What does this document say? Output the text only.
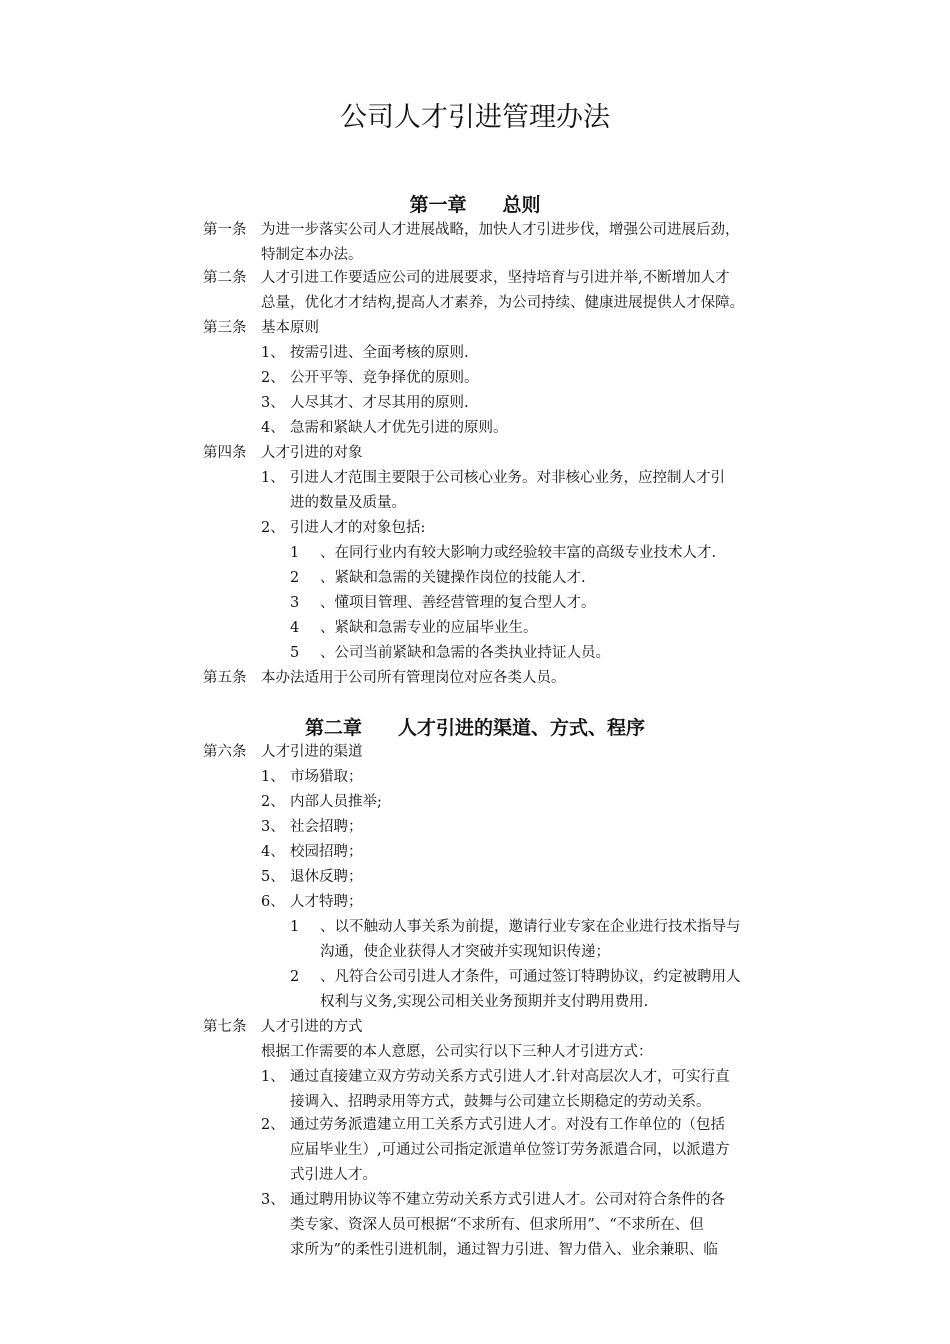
公司人才引进管理办法
第一章 总则
第一条 为进一步落实公司人才进展战略，加快人才引进步伐，增强公司进展后劲，
特制定本办法。
第二条 人才引进工作要适应公司的进展要求，坚持培育与引进并举,不断增加人才
总量，优化才才结构,提高人才素养，为公司持续、健康进展提供人才保障。
第三条 基本原则
1、 按需引进、全面考核的原则.
2、 公开平等、竞争择优的原则。
3、 人尽其才、才尽其用的原则.
4、 急需和紧缺人才优先引进的原则。
第四条 人才引进的对象
1、 引进人才范围主要限于公司核心业务。对非核心业务，应控制人才引
进的数量及质量。
2、 引进人才的对象包括:
1 、在同行业内有较大影响力或经验较丰富的高级专业技术人才.
2 、紧缺和急需的关键操作岗位的技能人才.
3 、懂项目管理、善经营管理的复合型人才。
4 、紧缺和急需专业的应届毕业生。
5 、公司当前紧缺和急需的各类执业持证人员。
第五条 本办法适用于公司所有管理岗位对应各类人员。
第二章 人才引进的渠道、方式、程序
第六条 人才引进的渠道
1、 市场猎取；
2、 内部人员推举;
3、 社会招聘；
4、 校园招聘；
5、 退休反聘；
6、 人才特聘；
1 、以不触动人事关系为前提，邀请行业专家在企业进行技术指导与
沟通，使企业获得人才突破并实现知识传递；
2 、凡符合公司引进人才条件，可通过签订特聘协议，约定被聘用人
权利与义务,实现公司相关业务预期并支付聘用费用.
第七条 人才引进的方式
根据工作需要的本人意愿，公司实行以下三种人才引进方式：
1、 通过直接建立双方劳动关系方式引进人才.针对高层次人才，可实行直
接调入、招聘录用等方式，鼓舞与公司建立长期稳定的劳动关系。
2、 通过劳务派遣建立用工关系方式引进人才。对没有工作单位的（包括
应届毕业生）,可通过公司指定派遣单位签订劳务派遣合同，以派遣方
式引进人才。
3、 通过聘用协议等不建立劳动关系方式引进人才。公司对符合条件的各
类专家、资深人员可根据“不求所有、但求所用”、“不求所在、但
求所为”的柔性引进机制，通过智力引进、智力借入、业余兼职、临
